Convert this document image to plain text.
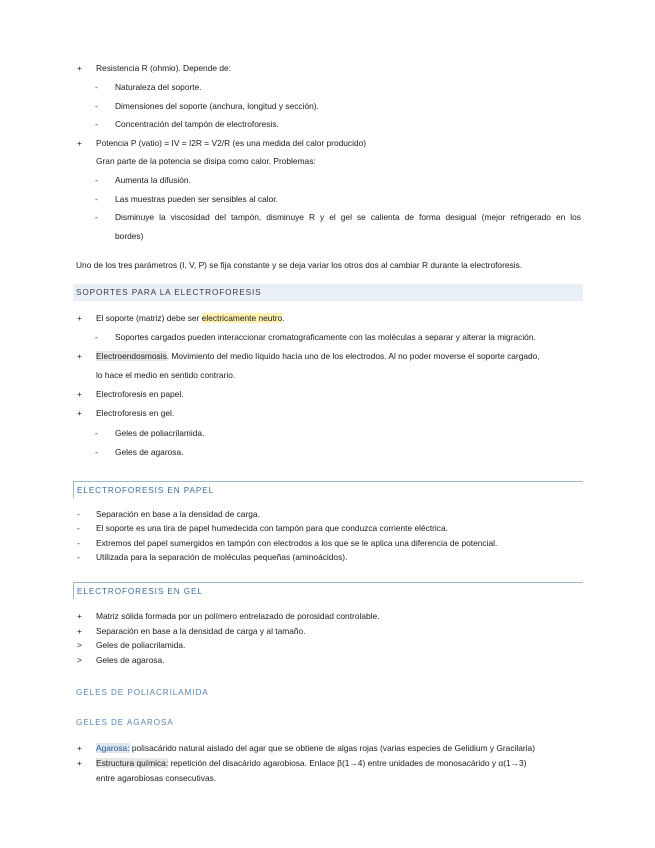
+ Resistencia R (ohmio). Depende de:
- Naturaleza del soporte.
- Dimensiones del soporte (anchura, longitud y sección).
- Concentración del tampón de electroforesis.
+ Potencia P (vatio) = IV = I2R = V2/R (es una medida del calor producido)
Gran parte de la potencia se disipa como calor. Problemas:
- Aumenta la difusión.
- Las muestras pueden ser sensibles al calor.
- Disminuye la viscosidad del tampón, disminuye R y el gel se calienta de forma desigual (mejor refrigerado en los
bordes)
Uno de los tres parámetros (I, V, P) se fija constante y se deja variar los otros dos al cambiar R durante la electroforesis.
SOPORTES PARA LA ELECTROFORESIS
+ El soporte (matriz) debe ser electricamente neutro.
- Soportes cargados pueden interaccionar cromatograficamente con las moléculas a separar y alterar la migración.
+ Electroendosmosis. Movimiento del medio líquido hacia uno de los electrodos. Al no poder moverse el soporte cargado,
lo hace el medio en sentido contrario.
+ Electroforesis en papel.
+ Electroforesis en gel.
- Geles de poliacrilamida.
- Geles de agarosa.
ELECTROFORESIS EN PAPEL
- Separación en base a la densidad de carga.
- El soporte es una tira de papel humedecida con tampón para que conduzca corriente eléctrica.
- Extremos del papel sumergidos en tampón con electrodos a los que se le aplica una diferencia de potencial.
- Utilizada para la separación de moléculas pequeñas (aminoácidos).
ELECTROFORESIS EN GEL
+ Matriz sólida formada por un polímero entrelazado de porosidad controlable.
+ Separación en base a la densidad de carga y al tamaño.
> Geles de poliacrilamida.
> Geles de agarosa.
GELES DE POLIACRILAMIDA
GELES DE AGAROSA
+ Agarosa: polisacárido natural aislado del agar que se obtiene de algas rojas (varias especies de Gelidium y Gracilaria)
+ Estructura química: repetición del disacárido agarobiosa. Enlace β(1→4) entre unidades de monosacárido y α(1→3)
entre agarobiosas consecutivas.
